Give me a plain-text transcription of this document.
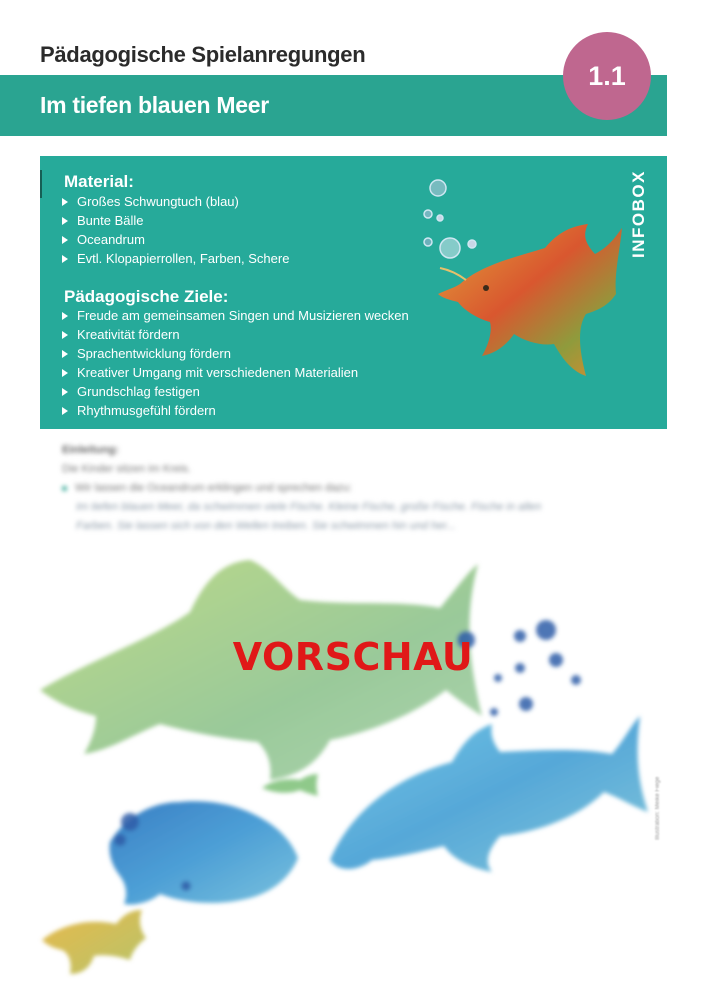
Pädagogische Spielanregungen
Im tiefen blauen Meer
1.1
INFOBOX
Material:
Großes Schwungtuch (blau)
Bunte Bälle
Oceandrum
Evtl. Klopapierrollen, Farben, Schere
Pädagogische Ziele:
Freude am gemeinsamen Singen und Musizieren wecken
Kreativität fördern
Sprachentwicklung fördern
Kreativer Umgang mit verschiedenen Materialien
Grundschlag festigen
Rhythmusgefühl fördern
Einleitung:
Die Kinder sitzen im Kreis.
Wir lassen die Oceandrum erklingen und sprechen dazu:
Im tiefen blauen Meer, da schwimmen viele Fische. Kleine Fische, große Fische. Fische in allen
Farben. Sie lassen sich von den Wellen treiben. Sie schwimmen hin und her...
VORSCHAU
Illustration: Meike Fiege
